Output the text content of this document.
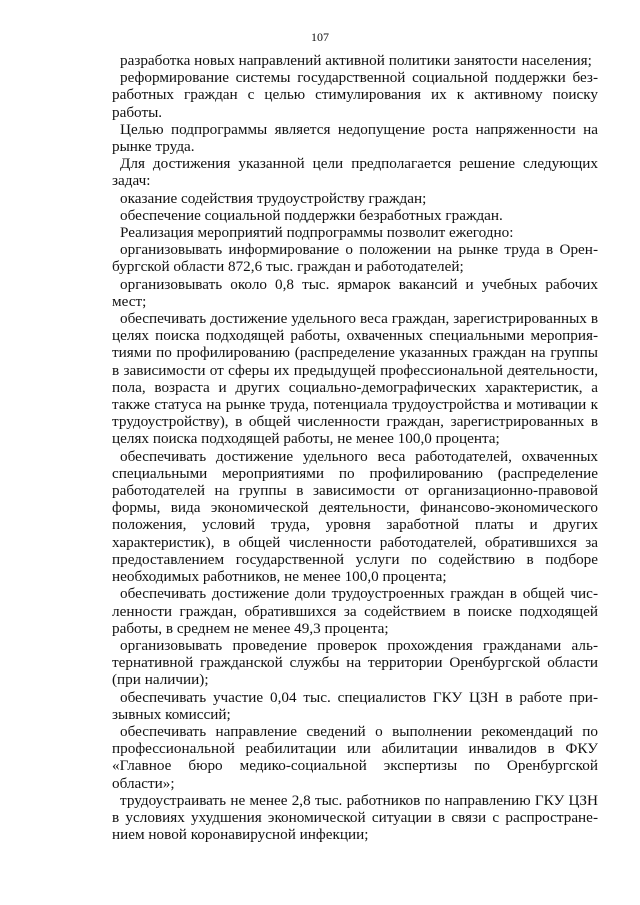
107

разработка новых направлений активной политики занятости населения;

реформирование системы государственной социальной поддержки безработных граждан с целью стимулирования их к активному поиску работы.

Целью подпрограммы является недопущение роста напряженности на рынке труда.

Для достижения указанной цели предполагается решение следующих задач:

оказание содействия трудоустройству граждан;

обеспечение социальной поддержки безработных граждан.

Реализация мероприятий подпрограммы позволит ежегодно:

организовывать информирование о положении на рынке труда в Оренбургской области 872,6 тыс. граждан и работодателей;

организовывать около 0,8 тыс. ярмарок вакансий и учебных рабочих мест;

обеспечивать достижение удельного веса граждан, зарегистрированных в целях поиска подходящей работы, охваченных специальными мероприятиями по профилированию (распределение указанных граждан на группы в зависимости от сферы их предыдущей профессиональной деятельности, пола, возраста и других социально-демографических характеристик, а также статуса на рынке труда, потенциала трудоустройства и мотивации к трудоустройству), в общей численности граждан, зарегистрированных в целях поиска подходящей работы, не менее 100,0 процента;

обеспечивать достижение удельного веса работодателей, охваченных специальными мероприятиями по профилированию (распределение работодателей на группы в зависимости от организационно-правовой формы, вида экономической деятельности, финансово-экономического положения, условий труда, уровня заработной платы и других характеристик), в общей численности работодателей, обратившихся за предоставлением государственной услуги по содействию в подборе необходимых работников, не менее 100,0 процента;

обеспечивать достижение доли трудоустроенных граждан в общей численности граждан, обратившихся за содействием в поиске подходящей работы, в среднем не менее 49,3 процента;

организовывать проведение проверок прохождения гражданами альтернативной гражданской службы на территории Оренбургской области (при наличии);

обеспечивать участие 0,04 тыс. специалистов ГКУ ЦЗН в работе призывных комиссий;

обеспечивать направление сведений о выполнении рекомендаций по профессиональной реабилитации или абилитации инвалидов в ФКУ «Главное бюро медико-социальной экспертизы по Оренбургской области»;

трудоустраивать не менее 2,8 тыс. работников по направлению ГКУ ЦЗН в условиях ухудшения экономической ситуации в связи с распространением новой коронавирусной инфекции;
